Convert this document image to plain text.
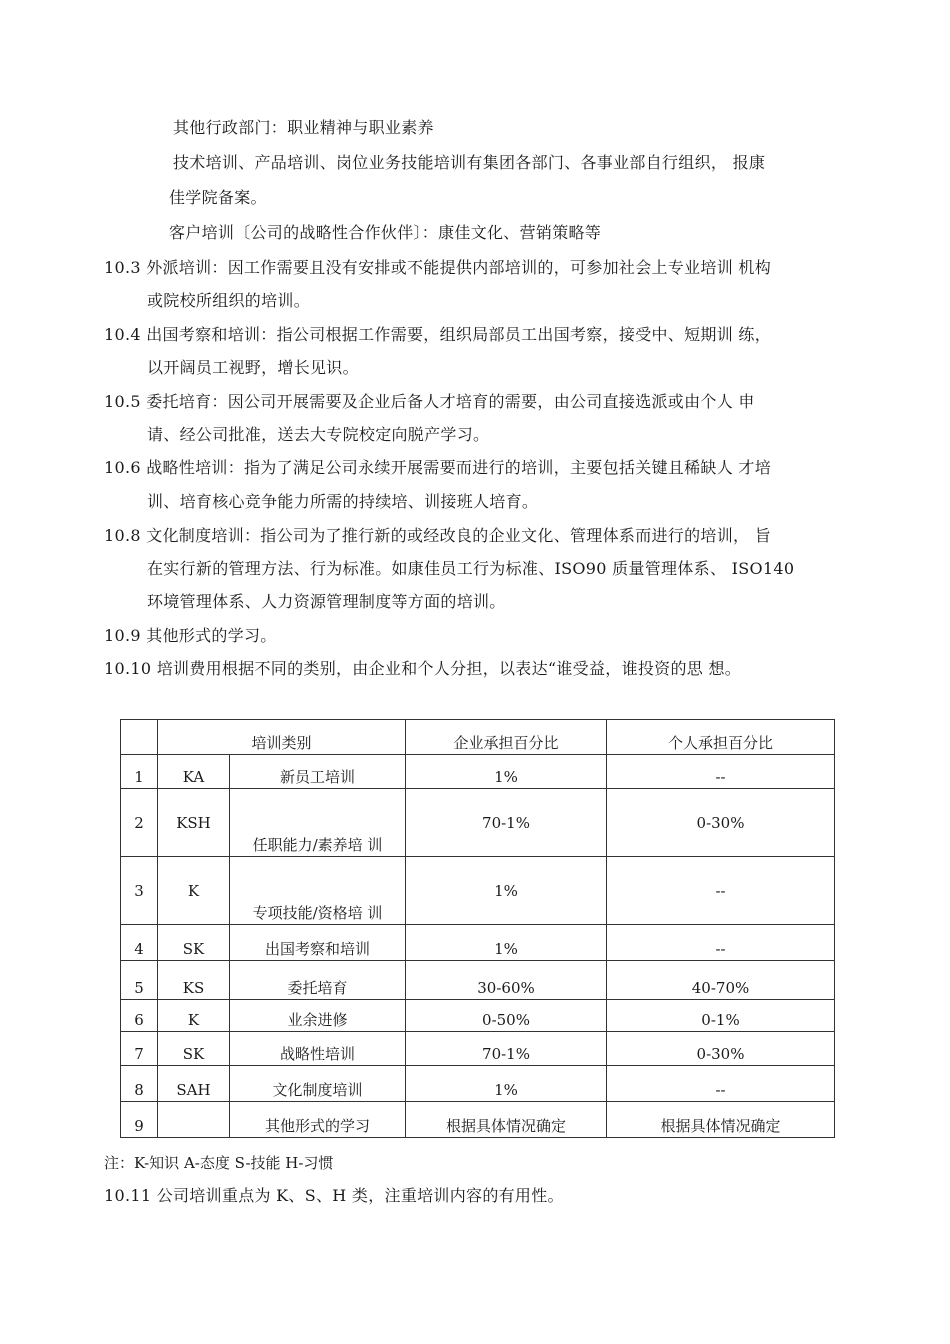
其他行政部门：职业精神与职业素养
技术培训、产品培训、岗位业务技能培训有集团各部门、各事业部自行组织， 报康
佳学院备案。
客户培训〔公司的战略性合作伙伴〕：康佳文化、营销策略等
10.3 外派培训：因工作需要且没有安排或不能提供内部培训的，可参加社会上专业培训 机构
或院校所组织的培训。
10.4 出国考察和培训：指公司根据工作需要，组织局部员工出国考察，接受中、短期训 练，
以开阔员工视野，增长见识。
10.5 委托培育：因公司开展需要及企业后备人才培育的需要，由公司直接选派或由个人 申
请、经公司批准，送去大专院校定向脱产学习。
10.6 战略性培训：指为了满足公司永续开展需要而进行的培训，主要包括关键且稀缺人 才培
训、培育核心竞争能力所需的持续培、训接班人培育。
10.8 文化制度培训：指公司为了推行新的或经改良的企业文化、管理体系而进行的培训， 旨
在实行新的管理方法、行为标准。如康佳员工行为标准、ISO90 质量管理体系、 ISO140
环境管理体系、人力资源管理制度等方面的培训。
10.9 其他形式的学习。
10.10 培训费用根据不同的类别，由企业和个人分担，以表达“谁受益，谁投资的思 想。
	培训类别		企业承担百分比	个人承担百分比
1	KA	新员工培训	1%	--
2	KSH	任职能力/素养培 训	70-1%	0-30%
3	K	专项技能/资格培 训	1%	--
4	SK	出国考察和培训	1%	--
5	KS	委托培育	30-60%	40-70%
6	K	业余进修	0-50%	0-1%
7	SK	战略性培训	70-1%	0-30%
8	SAH	文化制度培训	1%	--
9		其他形式的学习	根据具体情况确定	根据具体情况确定
注：K-知识 A-态度 S-技能 H-习惯
10.11 公司培训重点为 K、S、H 类，注重培训内容的有用性。
